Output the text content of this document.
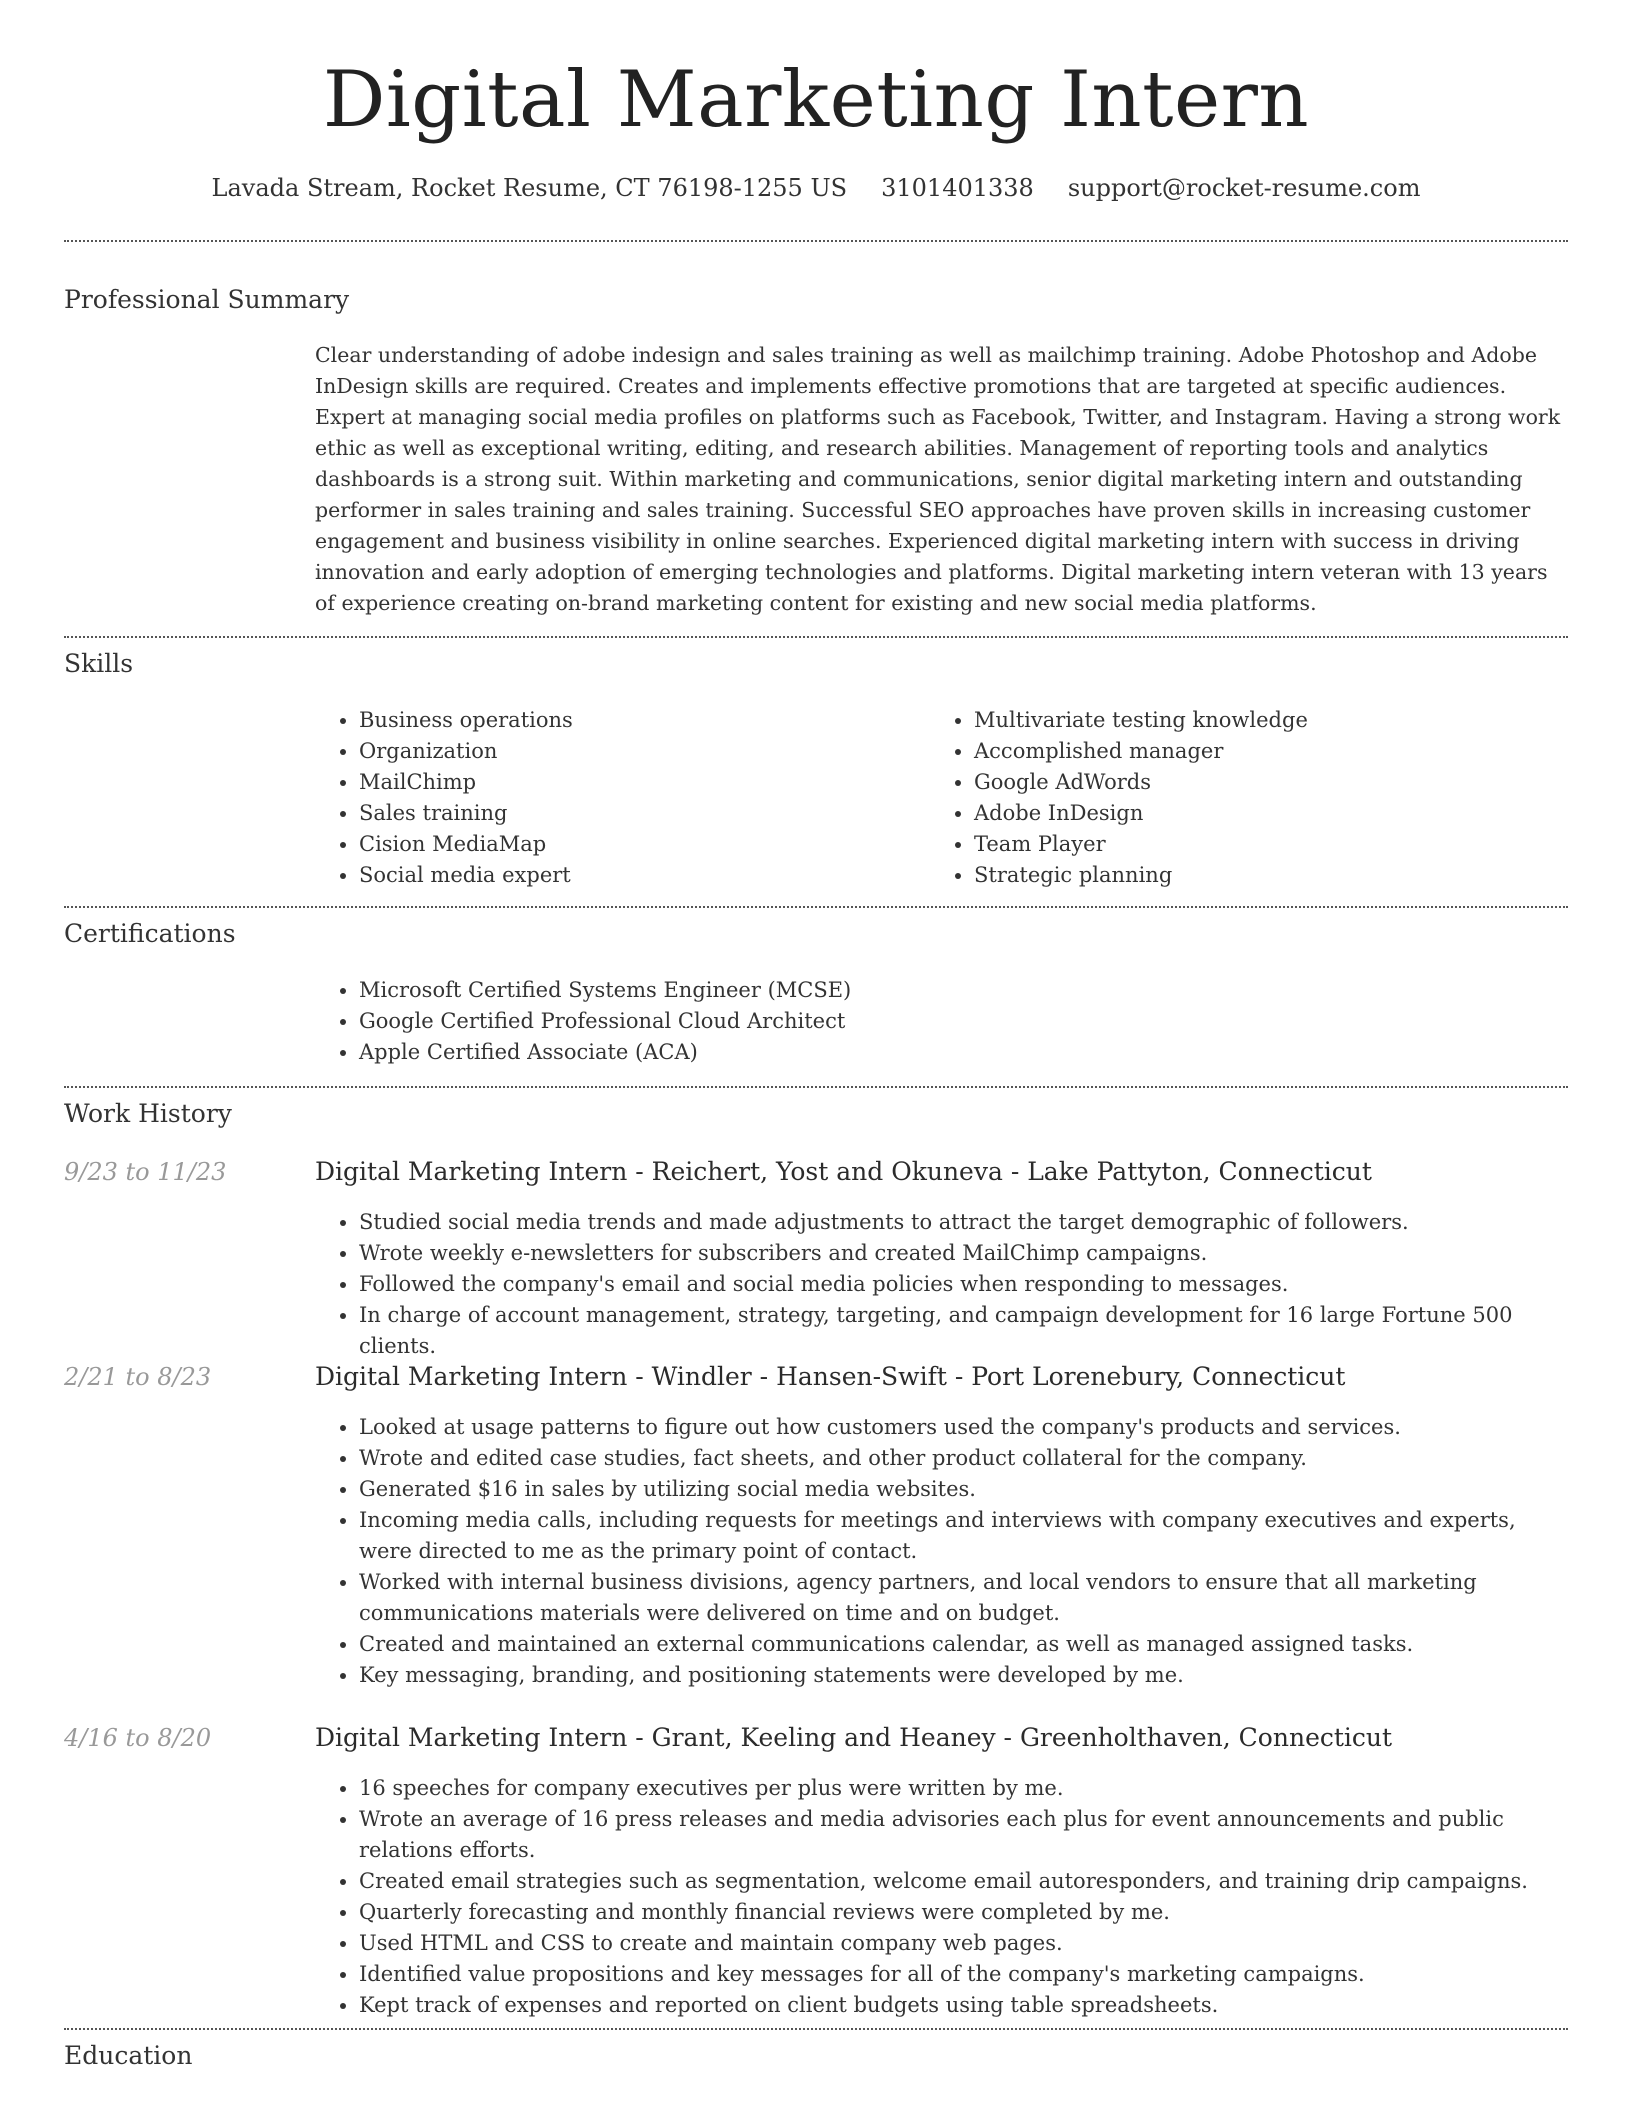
Digital Marketing Intern
Lavada Stream, Rocket Resume, CT 76198-1255 US 3101401338 support@rocket-resume.com
Professional Summary

Clear understanding of adobe indesign and sales training as well as mailchimp training. Adobe Photoshop and Adobe InDesign skills are required. Creates and implements effective promotions that are targeted at specific audiences. Expert at managing social media profiles on platforms such as Facebook, Twitter, and Instagram. Having a strong work ethic as well as exceptional writing, editing, and research abilities. Management of reporting tools and analytics dashboards is a strong suit. Within marketing and communications, senior digital marketing intern and outstanding performer in sales training and sales training. Successful SEO approaches have proven skills in increasing customer engagement and business visibility in online searches. Experienced digital marketing intern with success in driving innovation and early adoption of emerging technologies and platforms. Digital marketing intern veteran with 13 years of experience creating on-brand marketing content for existing and new social media platforms.

Skills
• Business operations
• Organization
• MailChimp
• Sales training
• Cision MediaMap
• Social media expert
• Multivariate testing knowledge
• Accomplished manager
• Google AdWords
• Adobe InDesign
• Team Player
• Strategic planning
Certifications
• Microsoft Certified Systems Engineer (MCSE)
• Google Certified Professional Cloud Architect
• Apple Certified Associate (ACA)
Work History
9/23 to 11/23	Digital Marketing Intern - Reichert, Yost and Okuneva - Lake Pattyton, Connecticut
• Studied social media trends and made adjustments to attract the target demographic of followers.
• Wrote weekly e-newsletters for subscribers and created MailChimp campaigns.
• Followed the company's email and social media policies when responding to messages.
• In charge of account management, strategy, targeting, and campaign development for 16 large Fortune 500 clients.
2/21 to 8/23	Digital Marketing Intern - Windler - Hansen-Swift - Port Lorenebury, Connecticut
• Looked at usage patterns to figure out how customers used the company's products and services.
• Wrote and edited case studies, fact sheets, and other product collateral for the company.
• Generated $16 in sales by utilizing social media websites.
• Incoming media calls, including requests for meetings and interviews with company executives and experts, were directed to me as the primary point of contact.
• Worked with internal business divisions, agency partners, and local vendors to ensure that all marketing communications materials were delivered on time and on budget.
• Created and maintained an external communications calendar, as well as managed assigned tasks.
• Key messaging, branding, and positioning statements were developed by me.
4/16 to 8/20	Digital Marketing Intern - Grant, Keeling and Heaney - Greenholthaven, Connecticut
• 16 speeches for company executives per plus were written by me.
• Wrote an average of 16 press releases and media advisories each plus for event announcements and public relations efforts.
• Created email strategies such as segmentation, welcome email autoresponders, and training drip campaigns.
• Quarterly forecasting and monthly financial reviews were completed by me.
• Used HTML and CSS to create and maintain company web pages.
• Identified value propositions and key messages for all of the company's marketing campaigns.
• Kept track of expenses and reported on client budgets using table spreadsheets.
Education
